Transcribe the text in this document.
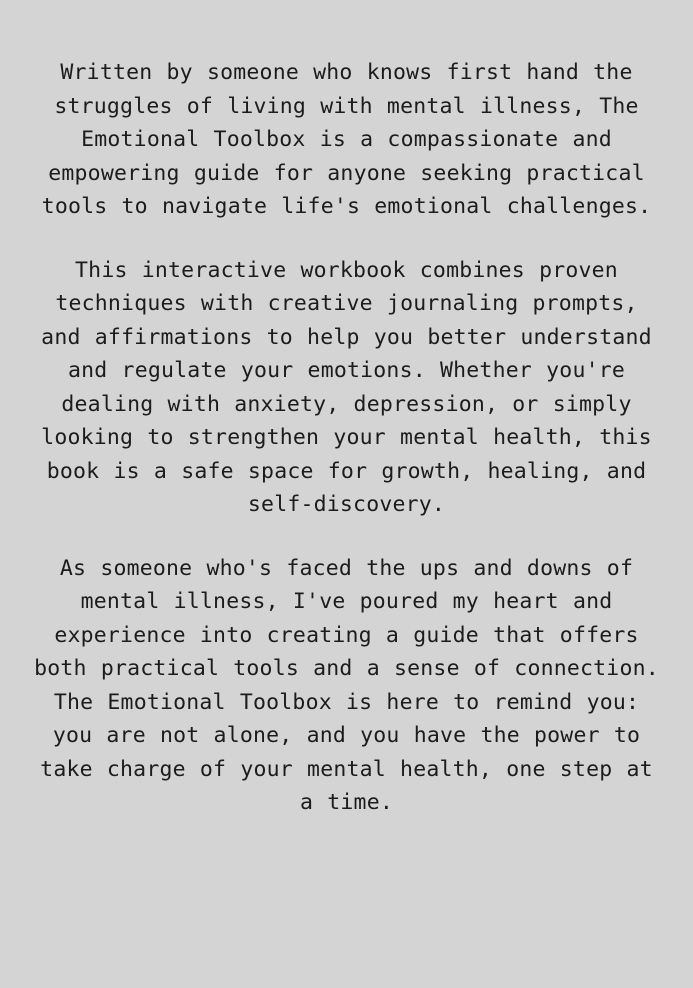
Written by someone who knows first hand the struggles of living with mental illness, The Emotional Toolbox is a compassionate and empowering guide for anyone seeking practical tools to navigate life's emotional challenges.

This interactive workbook combines proven techniques with creative journaling prompts, and affirmations to help you better understand and regulate your emotions. Whether you're dealing with anxiety, depression, or simply looking to strengthen your mental health, this book is a safe space for growth, healing, and self-discovery.

As someone who's faced the ups and downs of mental illness, I've poured my heart and experience into creating a guide that offers both practical tools and a sense of connection. The Emotional Toolbox is here to remind you: you are not alone, and you have the power to take charge of your mental health, one step at a time.
